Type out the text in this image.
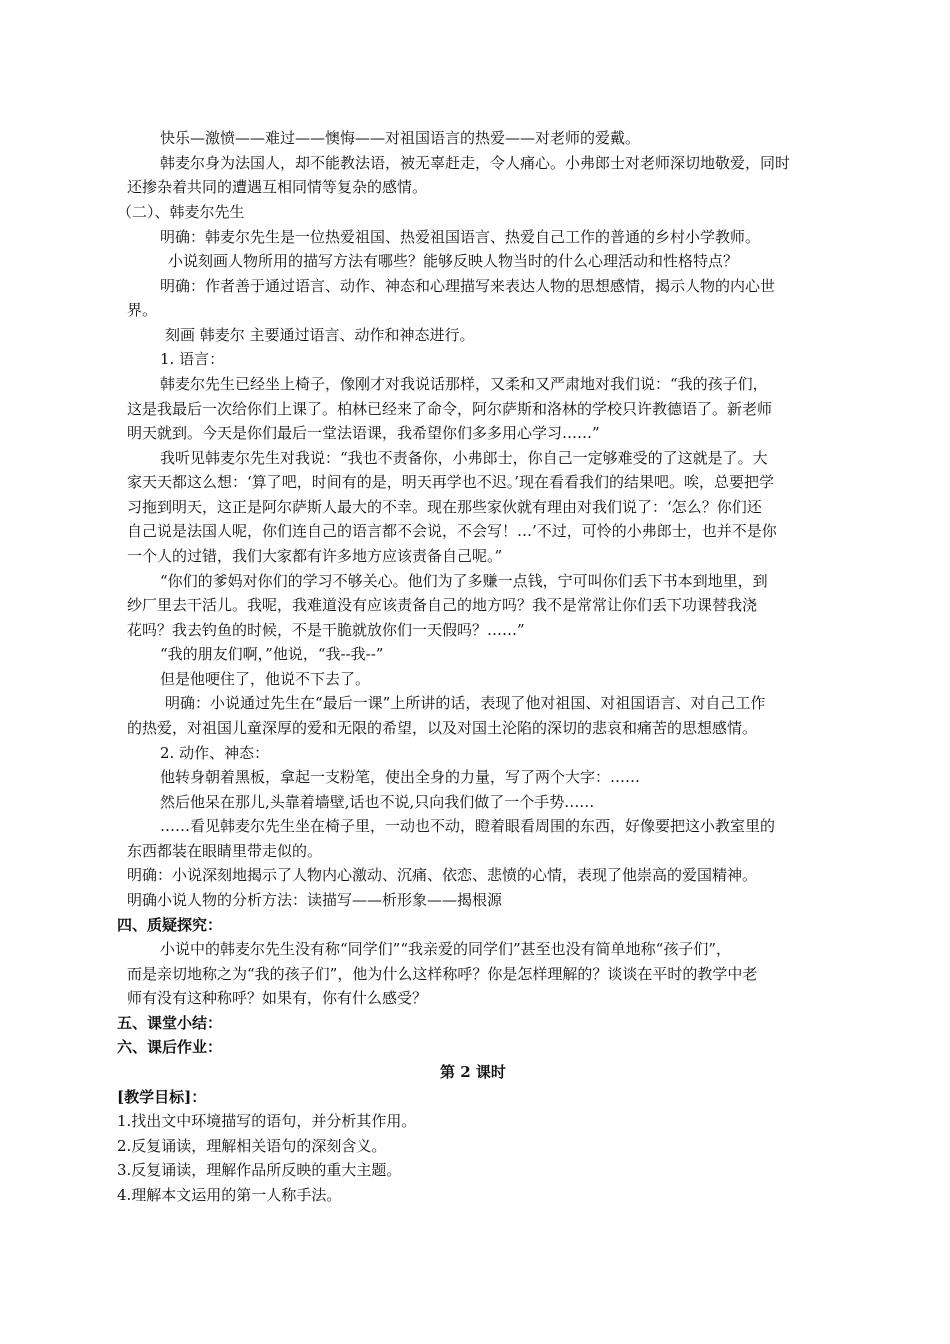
快乐—激愤——难过——懊悔——对祖国语言的热爱——对老师的爱戴。
韩麦尔身为法国人，却不能教法语，被无辜赶走，令人痛心。小弗郎士对老师深切地敬爱，同时
还掺杂着共同的遭遇互相同情等复杂的感情。
（二）、韩麦尔先生
明确：韩麦尔先生是一位热爱祖国、热爱祖国语言、热爱自己工作的普通的乡村小学教师。
小说刻画人物所用的描写方法有哪些？能够反映人物当时的什么心理活动和性格特点？
明确：作者善于通过语言、动作、神态和心理描写来表达人物的思想感情，揭示人物的内心世
界。
刻画 韩麦尔 主要通过语言、动作和神态进行。
1. 语言：
韩麦尔先生已经坐上椅子，像刚才对我说话那样，又柔和又严肃地对我们说：“我的孩子们，
这是我最后一次给你们上课了。柏林已经来了命令，阿尔萨斯和洛林的学校只许教德语了。新老师
明天就到。今天是你们最后一堂法语课，我希望你们多多用心学习……”
我听见韩麦尔先生对我说：“我也不责备你，小弗郎士，你自己一定够难受的了这就是了。大
家天天都这么想：‘算了吧，时间有的是，明天再学也不迟。’现在看看我们的结果吧。唉，总要把学
习拖到明天，这正是阿尔萨斯人最大的不幸。现在那些家伙就有理由对我们说了：‘怎么？你们还
自己说是法国人呢，你们连自己的语言都不会说，不会写！…’不过，可怜的小弗郎士，也并不是你
一个人的过错，我们大家都有许多地方应该责备自己呢。”
“你们的爹妈对你们的学习不够关心。他们为了多赚一点钱，宁可叫你们丢下书本到地里，到
纱厂里去干活儿。我呢，我难道没有应该责备自己的地方吗？我不是常常让你们丢下功课替我浇
花吗？我去钓鱼的时候，不是干脆就放你们一天假吗？……”
“我的朋友们啊，”他说，“我--我--”
但是他哽住了，他说不下去了。
明确：小说通过先生在“最后一课”上所讲的话，表现了他对祖国、对祖国语言、对自己工作
的热爱，对祖国儿童深厚的爱和无限的希望，以及对国土沦陷的深切的悲哀和痛苦的思想感情。
2. 动作、神态：
他转身朝着黑板，拿起一支粉笔，使出全身的力量，写了两个大字：……
然后他呆在那儿,头靠着墙壁,话也不说,只向我们做了一个手势……
……看见韩麦尔先生坐在椅子里，一动也不动，瞪着眼看周围的东西，好像要把这小教室里的
东西都装在眼睛里带走似的。
明确：小说深刻地揭示了人物内心激动、沉痛、依恋、悲愤的心情，表现了他崇高的爱国精神。
明确小说人物的分析方法：读描写——析形象——揭根源
四、质疑探究：
小说中的韩麦尔先生没有称“同学们”“我亲爱的同学们”甚至也没有简单地称“孩子们”，
而是亲切地称之为“我的孩子们”，他为什么这样称呼？你是怎样理解的？谈谈在平时的教学中老
师有没有这种称呼？如果有，你有什么感受？
五、课堂小结：
六、课后作业：
第 2 课时
[教学目标]：
1.找出文中环境描写的语句，并分析其作用。
2.反复诵读，理解相关语句的深刻含义。
3.反复诵读，理解作品所反映的重大主题。
4.理解本文运用的第一人称手法。
